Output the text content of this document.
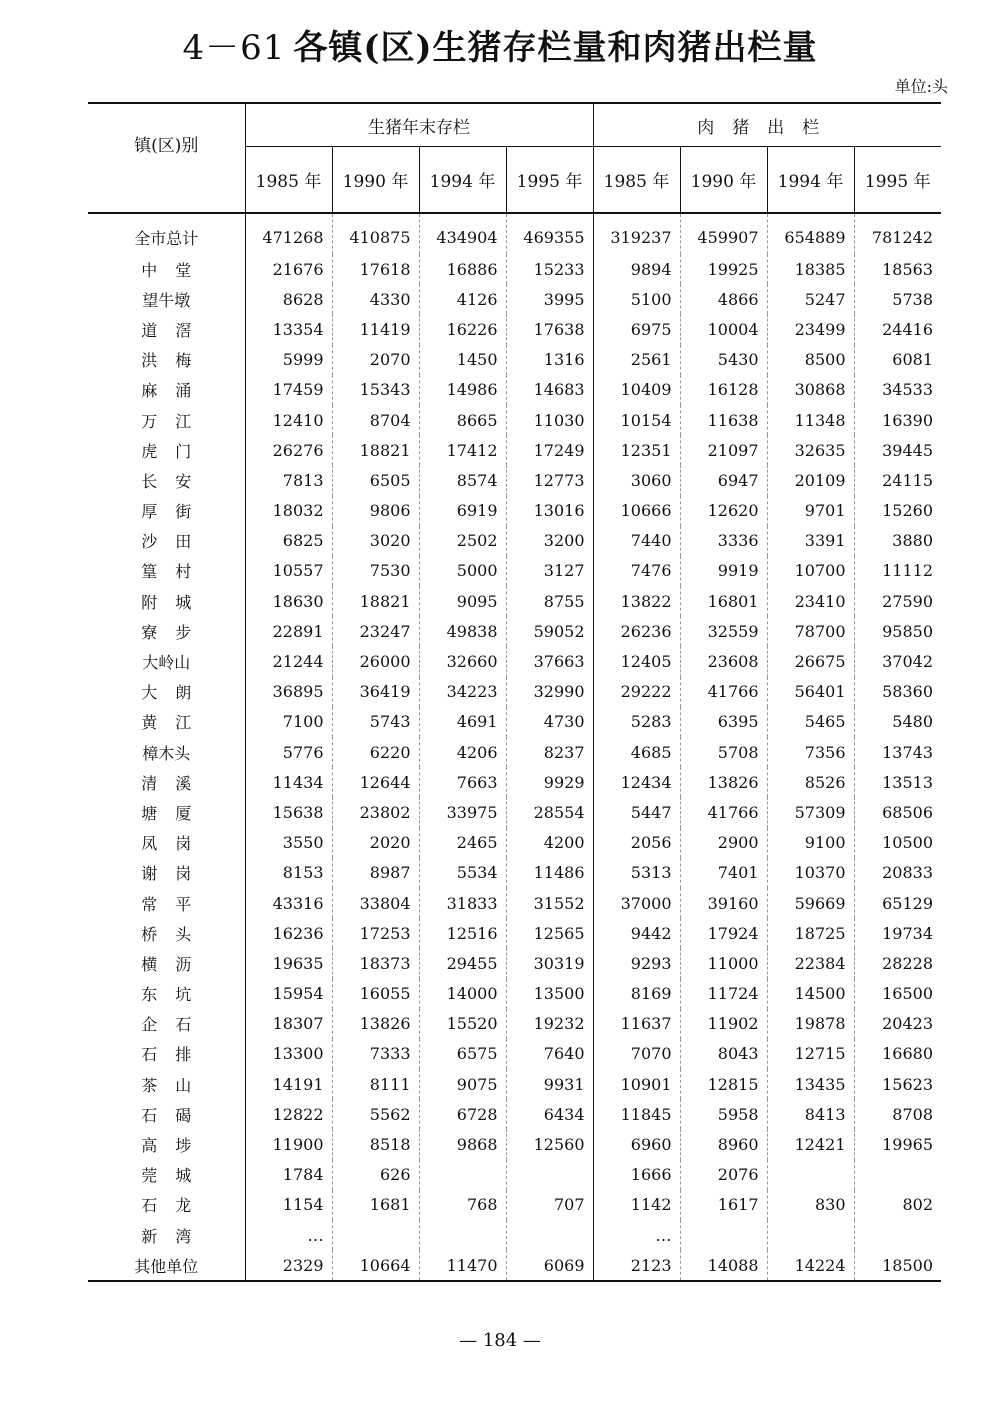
4－61 各镇(区)生猪存栏量和肉猪出栏量
单位:头
镇(区)别	生猪年末存栏				肉猪出栏			
	1985 年	1990 年	1994 年	1995 年	1985 年	1990 年	1994 年	1995 年
全市总计	471268	410875	434904	469355	319237	459907	654889	781242
中堂	21676	17618	16886	15233	9894	19925	18385	18563
望牛墩	8628	4330	4126	3995	5100	4866	5247	5738
道滘	13354	11419	16226	17638	6975	10004	23499	24416
洪梅	5999	2070	1450	1316	2561	5430	8500	6081
麻涌	17459	15343	14986	14683	10409	16128	30868	34533
万江	12410	8704	8665	11030	10154	11638	11348	16390
虎门	26276	18821	17412	17249	12351	21097	32635	39445
长安	7813	6505	8574	12773	3060	6947	20109	24115
厚街	18032	9806	6919	13016	10666	12620	9701	15260
沙田	6825	3020	2502	3200	7440	3336	3391	3880
篁村	10557	7530	5000	3127	7476	9919	10700	11112
附城	18630	18821	9095	8755	13822	16801	23410	27590
寮步	22891	23247	49838	59052	26236	32559	78700	95850
大岭山	21244	26000	32660	37663	12405	23608	26675	37042
大朗	36895	36419	34223	32990	29222	41766	56401	58360
黄江	7100	5743	4691	4730	5283	6395	5465	5480
樟木头	5776	6220	4206	8237	4685	5708	7356	13743
清溪	11434	12644	7663	9929	12434	13826	8526	13513
塘厦	15638	23802	33975	28554	5447	41766	57309	68506
凤岗	3550	2020	2465	4200	2056	2900	9100	10500
谢岗	8153	8987	5534	11486	5313	7401	10370	20833
常平	43316	33804	31833	31552	37000	39160	59669	65129
桥头	16236	17253	12516	12565	9442	17924	18725	19734
横沥	19635	18373	29455	30319	9293	11000	22384	28228
东坑	15954	16055	14000	13500	8169	11724	14500	16500
企石	18307	13826	15520	19232	11637	11902	19878	20423
石排	13300	7333	6575	7640	7070	8043	12715	16680
茶山	14191	8111	9075	9931	10901	12815	13435	15623
石碣	12822	5562	6728	6434	11845	5958	8413	8708
高埗	11900	8518	9868	12560	6960	8960	12421	19965
莞城	1784	626			1666	2076		
石龙	1154	1681	768	707	1142	1617	830	802
新湾	…				…			
其他单位	2329	10664	11470	6069	2123	14088	14224	18500
— 184 —
